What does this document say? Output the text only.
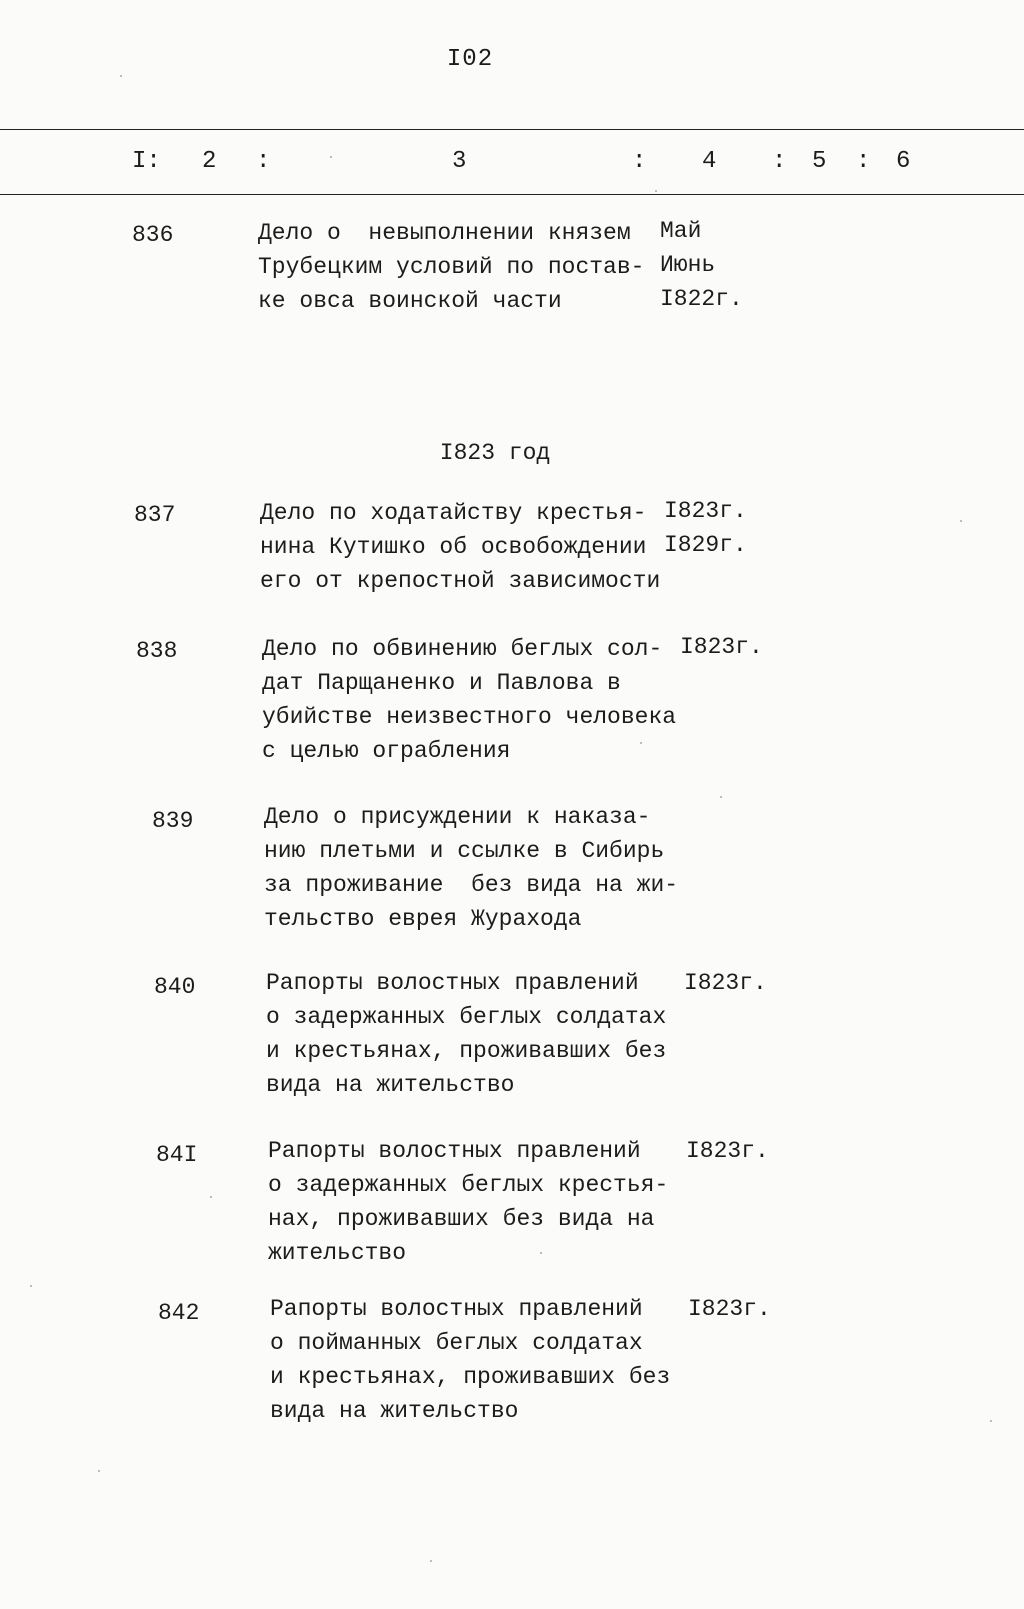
I02
I: 2 :	3	: 4 : 5 : 6
836	Дело о  невыполнении князем
Трубецким условий по постав-
ке овса воинской части
Май
Июнь
I822г.
I823 год
837	Дело по ходатайству крестья-
нина Кутишко об освобождении
его от крепостной зависимости
I823г.
I829г.
838	Дело по обвинению беглых сол-
дат Парщаненко и Павлова в
убийстве неизвестного человека
с целью ограбления
I823г.
839	Дело о присуждении к наказа-
нию плетьми и ссылке в Сибирь
за проживание  без вида на жи-
тельство еврея Журахода
840	Рапорты волостных правлений
о задержанных беглых солдатах
и крестьянах, проживавших без
вида на жительство
I823г.
84I	Рапорты волостных правлений
о задержанных беглых крестья-
нах, проживавших без вида на
жительство
I823г.
842	Рапорты волостных правлений
о пойманных беглых солдатах
и крестьянах, проживавших без
вида на жительство
I823г.
